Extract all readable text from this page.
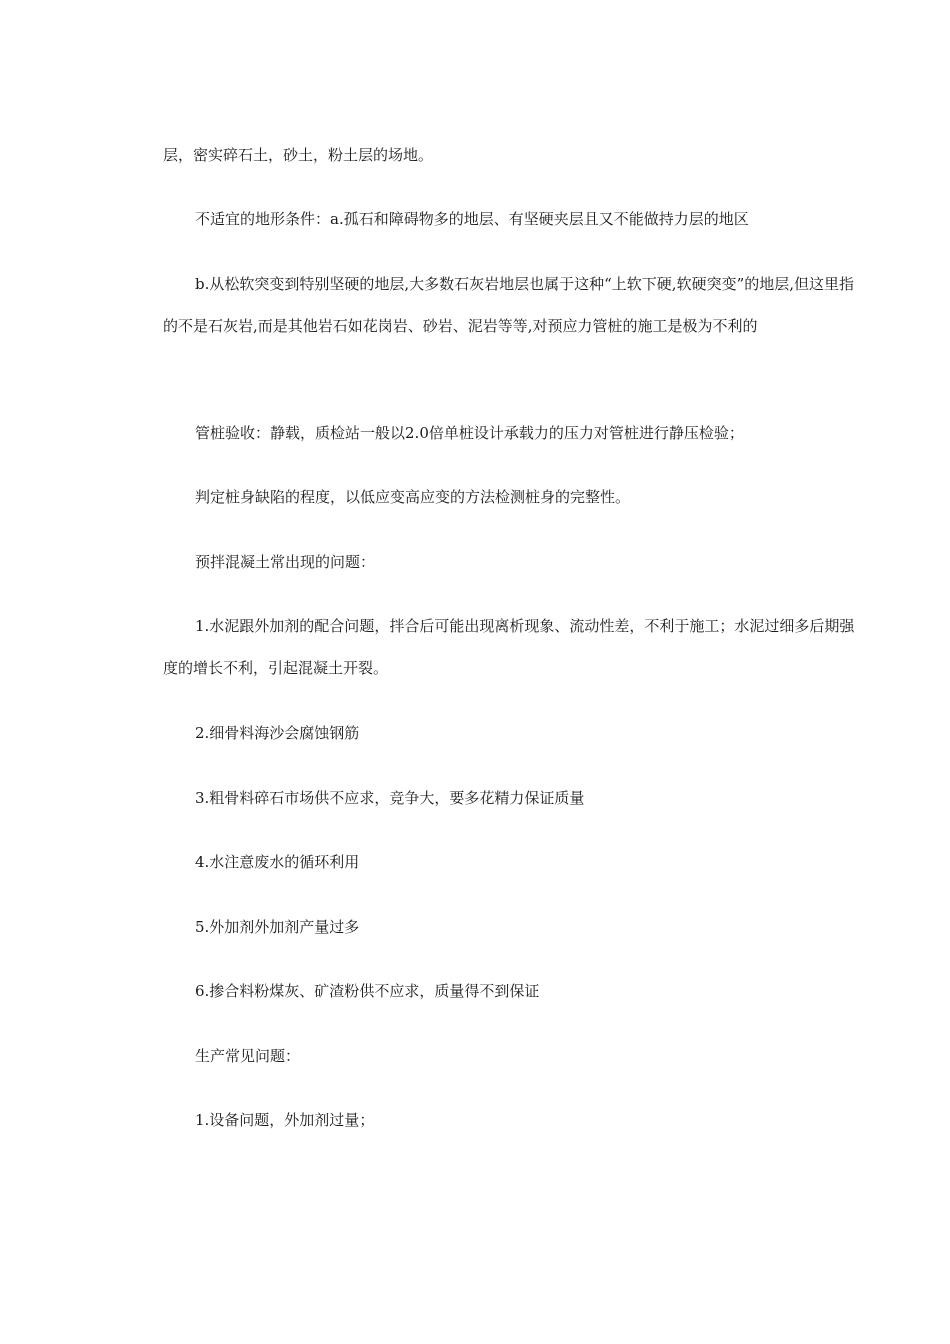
层，密实碎石土，砂土，粉土层的场地。

不适宜的地形条件：a.孤石和障碍物多的地层、有坚硬夹层且又不能做持力层的地区

b.从松软突变到特别坚硬的地层,大多数石灰岩地层也属于这种“上软下硬,软硬突变”的地层,但这里指的不是石灰岩,而是其他岩石如花岗岩、砂岩、泥岩等等,对预应力管桩的施工是极为不利的

管桩验收：静载，质检站一般以2.0倍单桩设计承载力的压力对管桩进行静压检验；

判定桩身缺陷的程度，以低应变高应变的方法检测桩身的完整性。

预拌混凝土常出现的问题：

1.水泥跟外加剂的配合问题，拌合后可能出现离析现象、流动性差，不利于施工；水泥过细多后期强度的增长不利，引起混凝土开裂。

2.细骨料海沙会腐蚀钢筋

3.粗骨料碎石市场供不应求，竞争大，要多花精力保证质量

4.水注意废水的循环利用

5.外加剂外加剂产量过多

6.掺合料粉煤灰、矿渣粉供不应求，质量得不到保证

生产常见问题：

1.设备问题，外加剂过量；
